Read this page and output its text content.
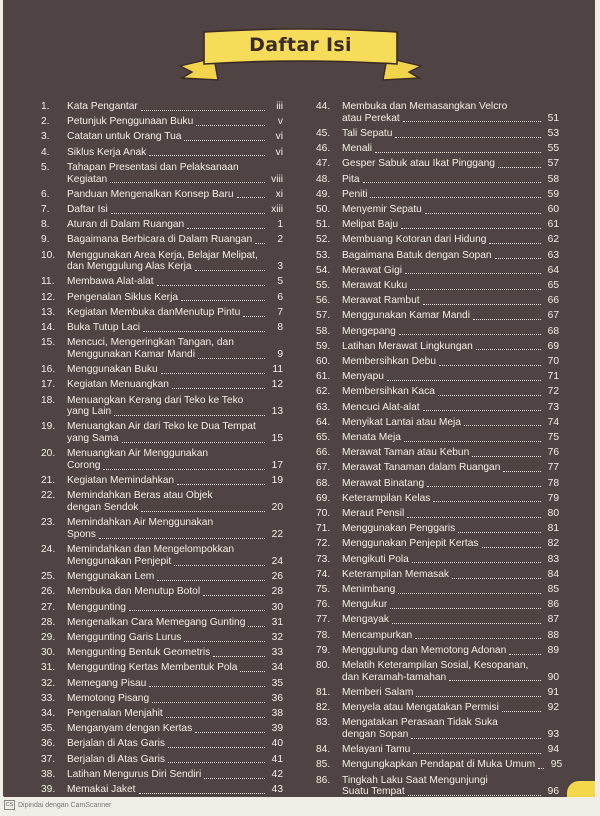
Daftar Isi
1.	Kata Pengantar	iii
2.	Petunjuk Penggunaan Buku	v
3.	Catatan untuk Orang Tua	vi
4.	Siklus Kerja Anak	vi
5.	Tahapan Presentasi dan Pelaksanaan
Kegiatan	viii
6.	Panduan Mengenalkan Konsep Baru	xi
7.	Daftar Isi	xiii
8.	Aturan di Dalam Ruangan	1
9.	Bagaimana Berbicara di Dalam Ruangan	2
10.	Menggunakan Area Kerja, Belajar Melipat,
dan Menggulung Alas Kerja	3
11.	Membawa Alat-alat	5
12.	Pengenalan Siklus Kerja	6
13.	Kegiatan Membuka danMenutup Pintu	7
14.	Buka Tutup Laci	8
15.	Mencuci, Mengeringkan Tangan, dan
Menggunakan Kamar Mandi	9
16.	Menggunakan Buku	11
17.	Kegiatan Menuangkan	12
18.	Menuangkan Kerang dari Teko ke Teko
yang Lain	13
19.	Menuangkan Air dari Teko ke Dua Tempat
yang Sama	15
20.	Menuangkan Air Menggunakan
Corong	17
21.	Kegiatan Memindahkan	19
22.	Memindahkan Beras atau Objek
dengan Sendok	20
23.	Memindahkan Air Menggunakan
Spons	22
24.	Memindahkan dan Mengelompokkan
Menggunakan Penjepit	24
25.	Menggunakan Lem	26
26.	Membuka dan Menutup Botol	28
27.	Menggunting	30
28.	Mengenalkan Cara Memegang Gunting	31
29.	Menggunting Garis Lurus	32
30.	Menggunting Bentuk Geometris	33
31.	Menggunting Kertas Membentuk Pola	34
32.	Memegang Pisau	35
33.	Memotong Pisang	36
34.	Pengenalan Menjahit	38
35.	Menganyam dengan Kertas	39
36.	Berjalan di Atas Garis	40
37.	Berjalan di Atas Garis	41
38.	Latihan Mengurus Diri Sendiri	42
39.	Memakai Jaket	43
44.	Membuka dan Memasangkan Velcro
atau Perekat	51
45.	Tali Sepatu	53
46.	Menali	55
47.	Gesper Sabuk atau Ikat Pinggang	57
48.	Pita	58
49.	Peniti	59
50.	Menyemir Sepatu	60
51.	Melipat Baju	61
52.	Membuang Kotoran dari Hidung	62
53.	Bagaimana Batuk dengan Sopan	63
54.	Merawat Gigi	64
55.	Merawat Kuku	65
56.	Merawat Rambut	66
57.	Menggunakan Kamar Mandi	67
58.	Mengepang	68
59.	Latihan Merawat Lingkungan	69
60.	Membersihkan Debu	70
61.	Menyapu	71
62.	Membersihkan Kaca	72
63.	Mencuci Alat-alat	73
64.	Menyikat Lantai atau Meja	74
65.	Menata Meja	75
66.	Merawat Taman atau Kebun	76
67.	Merawat Tanaman dalam Ruangan	77
68.	Merawat Binatang	78
69.	Keterampilan Kelas	79
70.	Meraut Pensil	80
71.	Menggunakan Penggaris	81
72.	Menggunakan Penjepit Kertas	82
73.	Mengikuti Pola	83
74.	Keterampilan Memasak	84
75.	Menimbang	85
76.	Mengukur	86
77.	Mengayak	87
78.	Mencampurkan	88
79.	Menggulung dan Memotong Adonan	89
80.	Melatih Keterampilan Sosial, Kesopanan,
dan Keramah-tamahan	90
81.	Memberi Salam	91
82.	Menyela atau Mengatakan Permisi	92
83.	Mengatakan Perasaan Tidak Suka
dengan Sopan	93
84.	Melayani Tamu	94
85.	Mengungkapkan Pendapat di Muka Umum	95
86.	Tingkah Laku Saat Mengunjungi
Suatu Tempat	96
CS Dipindai dengan CamScanner
